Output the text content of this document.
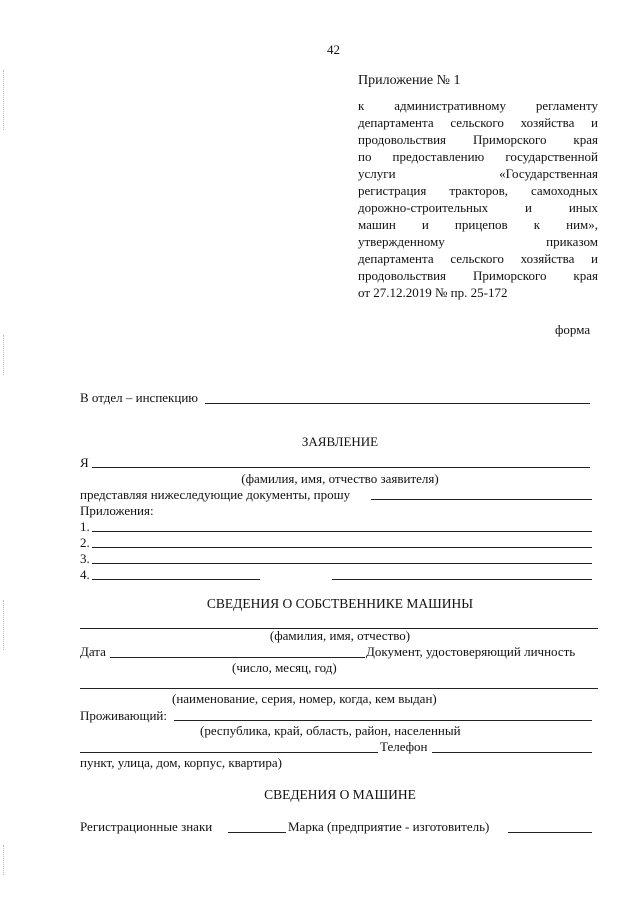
42
Приложение № 1
к административному регламенту
департамента сельского хозяйства и
продовольствия Приморского края
по предоставлению государственной
услуги «Государственная
регистрация тракторов, самоходных
дорожно-строительных и иных
машин и прицепов к ним»,
утвержденному приказом
департамента сельского хозяйства и
продовольствия Приморского края
от 27.12.2019 № пр. 25-172
форма
В отдел – инспекцию
ЗАЯВЛЕНИЕ
Я
(фамилия, имя, отчество заявителя)
представляя нижеследующие документы, прошу
Приложения:
1.
2.
3.
4.
СВЕДЕНИЯ О СОБСТВЕННИКЕ МАШИНЫ
(фамилия, имя, отчество)
Дата	Документ, удостоверяющий личность
(число, месяц, год)
(наименование, серия, номер, когда, кем выдан)
Проживающий:
(республика, край, область, район, населенный
Телефон
пункт, улица, дом, корпус, квартира)
СВЕДЕНИЯ О МАШИНЕ
Регистрационные знаки	Марка (предприятие - изготовитель)
